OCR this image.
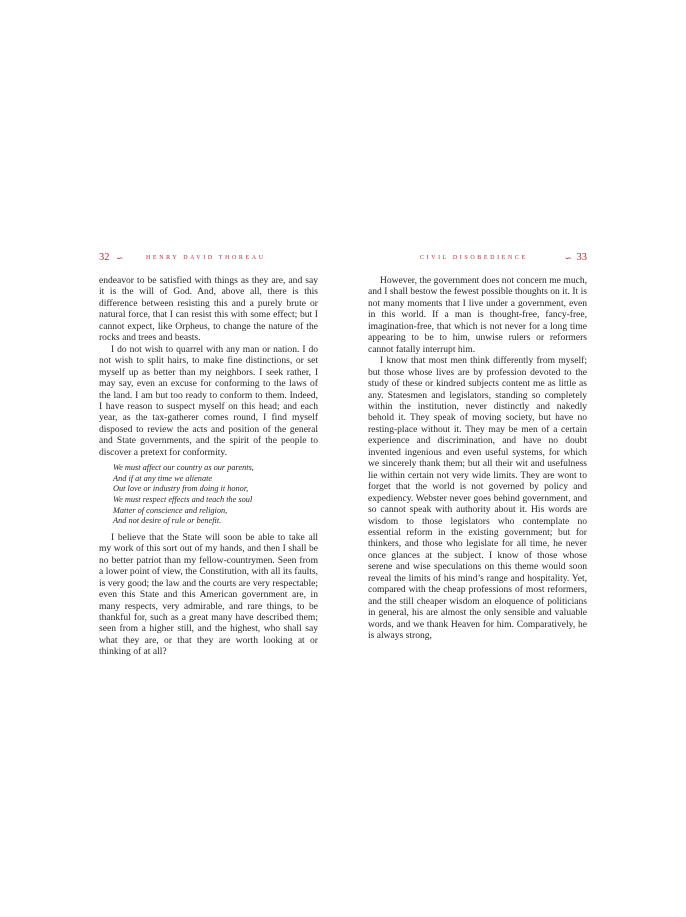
32 ∽	HENRY DAVID THOREAU

endeavor to be satisfied with things as they are, and say it is the will of God. And, above all, there is this difference between resisting this and a purely brute or natural force, that I can resist this with some effect; but I cannot expect, like Orpheus, to change the nature of the rocks and trees and beasts.

I do not wish to quarrel with any man or nation. I do not wish to split hairs, to make fine distinctions, or set myself up as better than my neighbors. I seek rather, I may say, even an excuse for conforming to the laws of the land. I am but too ready to conform to them. Indeed, I have reason to suspect myself on this head; and each year, as the tax-gatherer comes round, I find myself disposed to review the acts and position of the general and State governments, and the spirit of the people to discover a pretext for conformity.

We must affect our country as our parents,
And if at any time we alienate
Out love or industry from doing it honor,
We must respect effects and teach the soul
Matter of conscience and religion,
And not desire of rule or benefit.

I believe that the State will soon be able to take all my work of this sort out of my hands, and then I shall be no better patriot than my fellow-countrymen. Seen from a lower point of view, the Constitution, with all its faults, is very good; the law and the courts are very respectable; even this State and this American government are, in many respects, very admirable, and rare things, to be thankful for, such as a great many have described them; seen from a higher still, and the highest, who shall say what they are, or that they are worth looking at or thinking of at all?

CIVIL DISOBEDIENCE	∽ 33

However, the government does not concern me much, and I shall bestow the fewest possible thoughts on it. It is not many moments that I live under a government, even in this world. If a man is thought-free, fancy-free, imagination-free, that which is not never for a long time appearing to be to him, unwise rulers or reformers cannot fatally interrupt him.

I know that most men think differently from myself; but those whose lives are by profession devoted to the study of these or kindred subjects content me as little as any. Statesmen and legislators, standing so completely within the institution, never distinctly and nakedly behold it. They speak of moving society, but have no resting-place without it. They may be men of a certain experience and discrimination, and have no doubt invented ingenious and even useful systems, for which we sincerely thank them; but all their wit and usefulness lie within certain not very wide limits. They are wont to forget that the world is not governed by policy and expediency. Webster never goes behind government, and so cannot speak with authority about it. His words are wisdom to those legislators who contemplate no essential reform in the existing government; but for thinkers, and those who legislate for all time, he never once glances at the subject. I know of those whose serene and wise speculations on this theme would soon reveal the limits of his mind’s range and hospitality. Yet, compared with the cheap professions of most reformers, and the still cheaper wisdom an eloquence of politicians in general, his are almost the only sensible and valuable words, and we thank Heaven for him. Comparatively, he is always strong,
